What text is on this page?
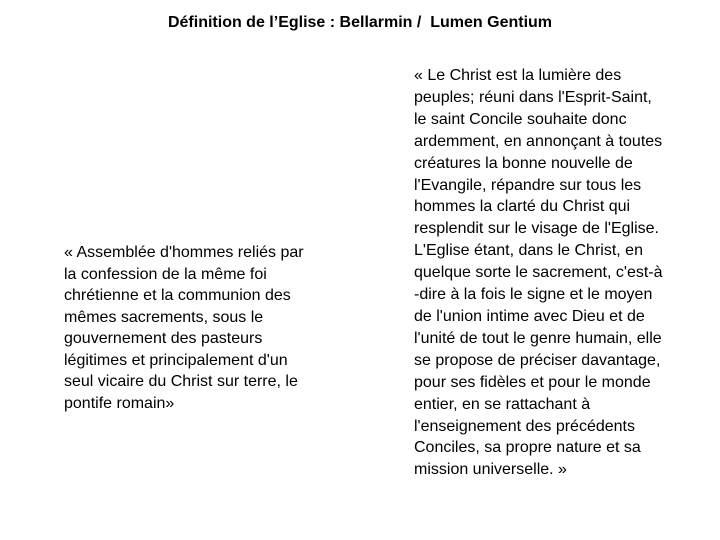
Définition de l’Eglise : Bellarmin /  Lumen Gentium
« Assemblée d'hommes reliés par
la confession de la même foi
chrétienne et la communion des
mêmes sacrements, sous le
gouvernement des pasteurs
légitimes et principalement d'un
seul vicaire du Christ sur terre, le
pontife romain»
« Le Christ est la lumière des
peuples; réuni dans l'Esprit-Saint,
le saint Concile souhaite donc
ardemment, en annonçant à toutes
créatures la bonne nouvelle de
l'Evangile, répandre sur tous les
hommes la clarté du Christ qui
resplendit sur le visage de l'Eglise.
L'Eglise étant, dans le Christ, en
quelque sorte le sacrement, c'est-à
-dire à la fois le signe et le moyen
de l'union intime avec Dieu et de
l'unité de tout le genre humain, elle
se propose de préciser davantage,
pour ses fidèles et pour le monde
entier, en se rattachant à
l'enseignement des précédents
Conciles, sa propre nature et sa
mission universelle. »
